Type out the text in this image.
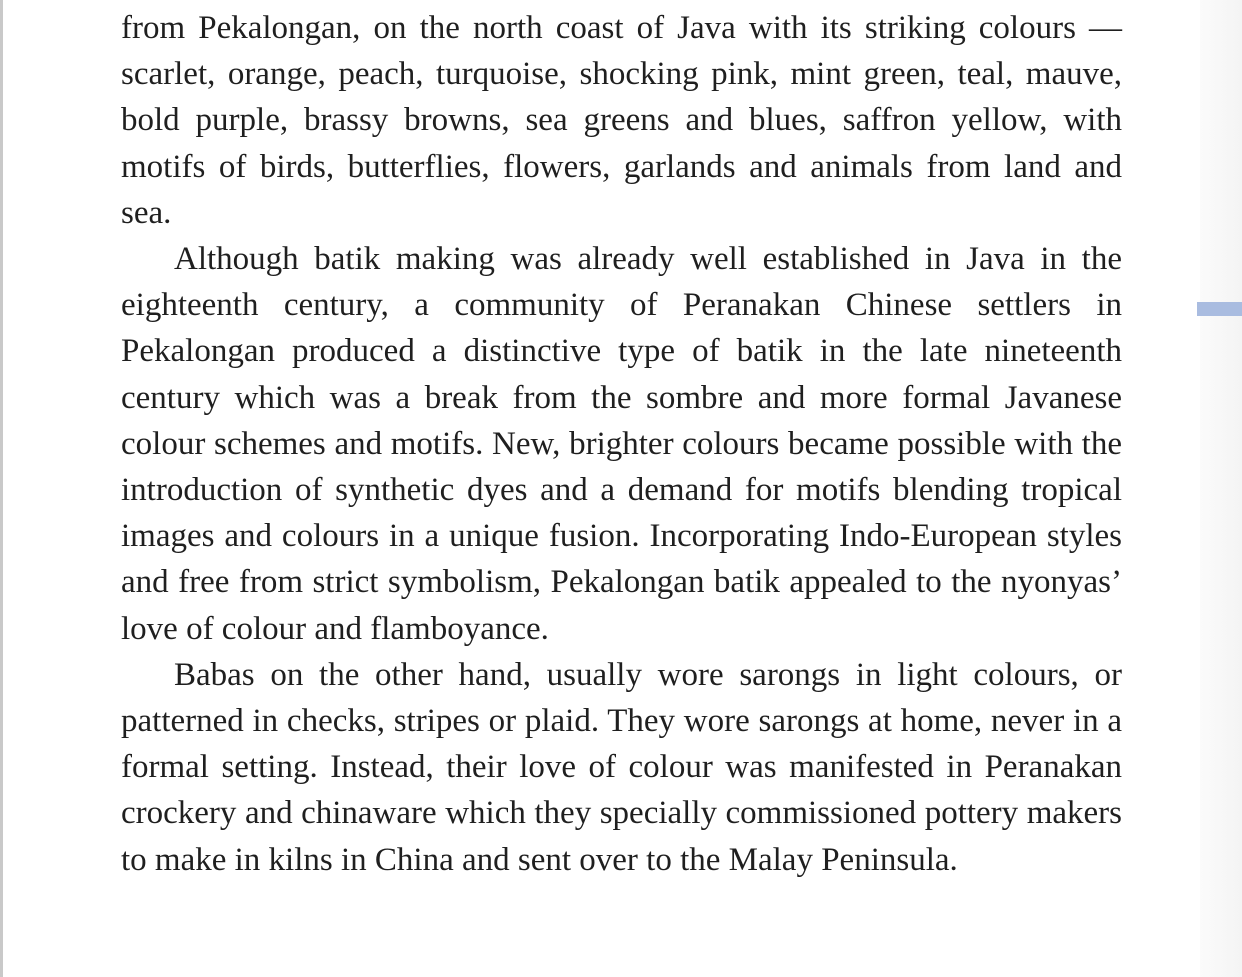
from Pekalongan, on the north coast of Java with its striking colours — scarlet, orange, peach, turquoise, shocking pink, mint green, teal, mauve, bold purple, brassy browns, sea greens and blues, saffron yellow, with motifs of birds, butterflies, flowers, garlands and animals from land and sea.

Although batik making was already well established in Java in the eighteenth century, a community of Peranakan Chinese settlers in Pekalongan produced a distinctive type of batik in the late nineteenth century which was a break from the sombre and more formal Javanese colour schemes and motifs. New, brighter colours became possible with the introduction of synthetic dyes and a demand for motifs blending tropical images and colours in a unique fusion. Incorporating Indo-European styles and free from strict symbolism, Pekalongan batik appealed to the nyonyas’ love of colour and flamboyance.

Babas on the other hand, usually wore sarongs in light colours, or patterned in checks, stripes or plaid. They wore sarongs at home, never in a formal setting. Instead, their love of colour was manifested in Peranakan crockery and chinaware which they specially commissioned pottery makers to make in kilns in China and sent over to the Malay Peninsula.
